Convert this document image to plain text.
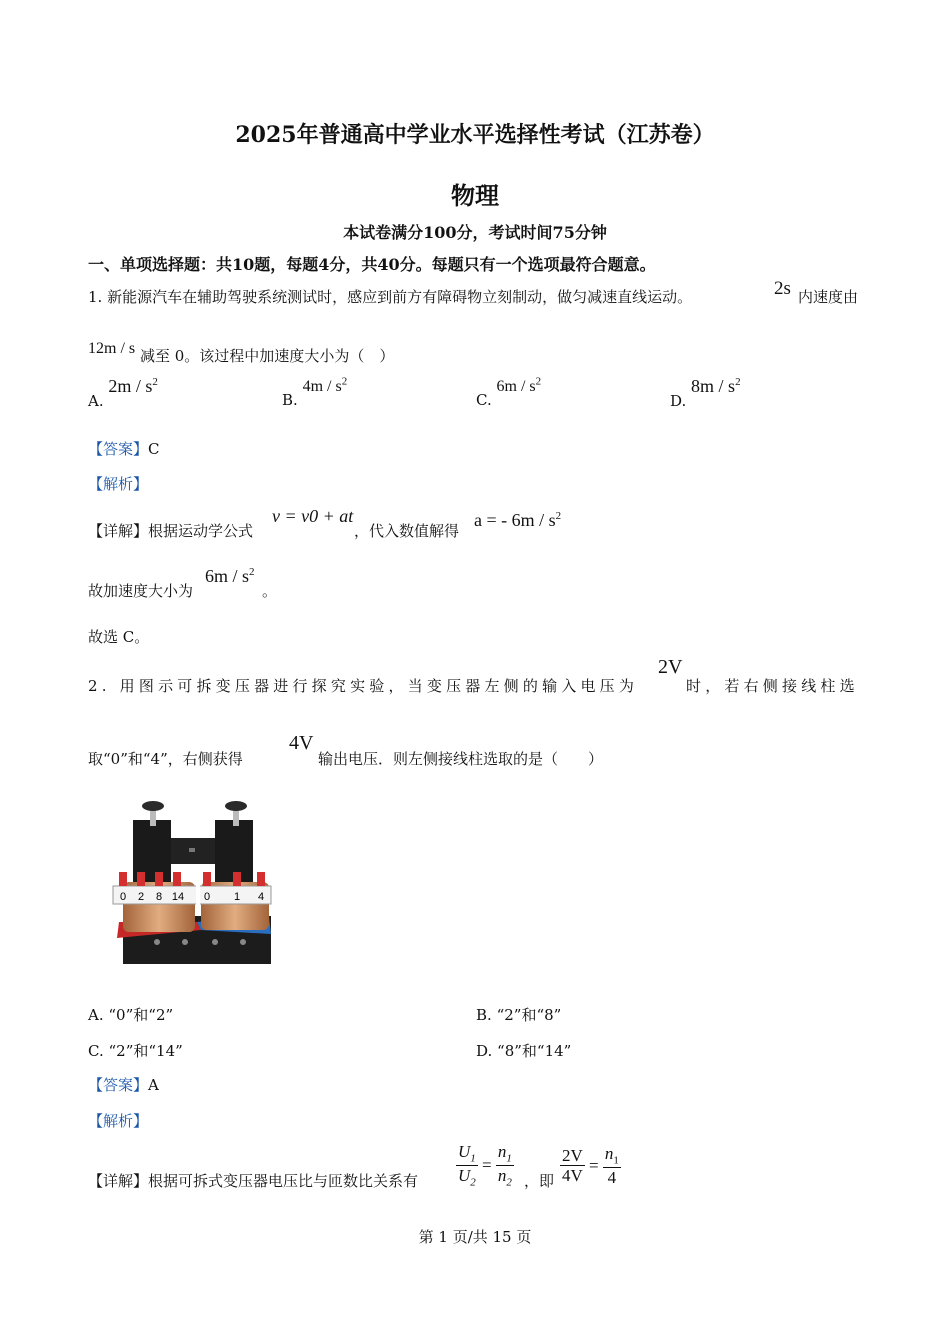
2025年普通高中学业水平选择性考试（江苏卷）
物理
本试卷满分100分，考试时间75分钟
一、单项选择题：共10题，每题4分，共40分。每题只有一个选项最符合题意。
1. 新能源汽车在辅助驾驶系统测试时，感应到前方有障碍物立刻制动，做匀减速直线运动。	2s 内速度由
12m / s 减至 0。该过程中加速度大小为（　）
A. $2m / s^2$
B. $4m / s^2$
C. $6m / s^2$
D. $8m / s^2$
【答案】C
【解析】
【详解】根据运动学公式
v = v0 + at
，代入数值解得
a = - $6m / s^2$
故加速度大小为
$6m / s^2$
。
故选 C。
2. 用图示可拆变压器进行探究实验，当变压器左侧的输入电压为
2V
时，若右侧接线柱选
取“0”和“4”，右侧获得
4V
输出电压．则左侧接线柱选取的是（　　）
0 2 8 14 0 1 4
A. “0”和“2”	B. “2”和“8”
C. “2”和“14”	D. “8”和“14”
【答案】A
【解析】
【详解】根据可拆式变压器电压比与匝数比关系有 $\frac{U_1}{U_2} = \frac{n_1}{n_2}$ ，即 $\frac{2V}{4V} = \frac{n_1}{4}$
第 1 页/共 15 页
